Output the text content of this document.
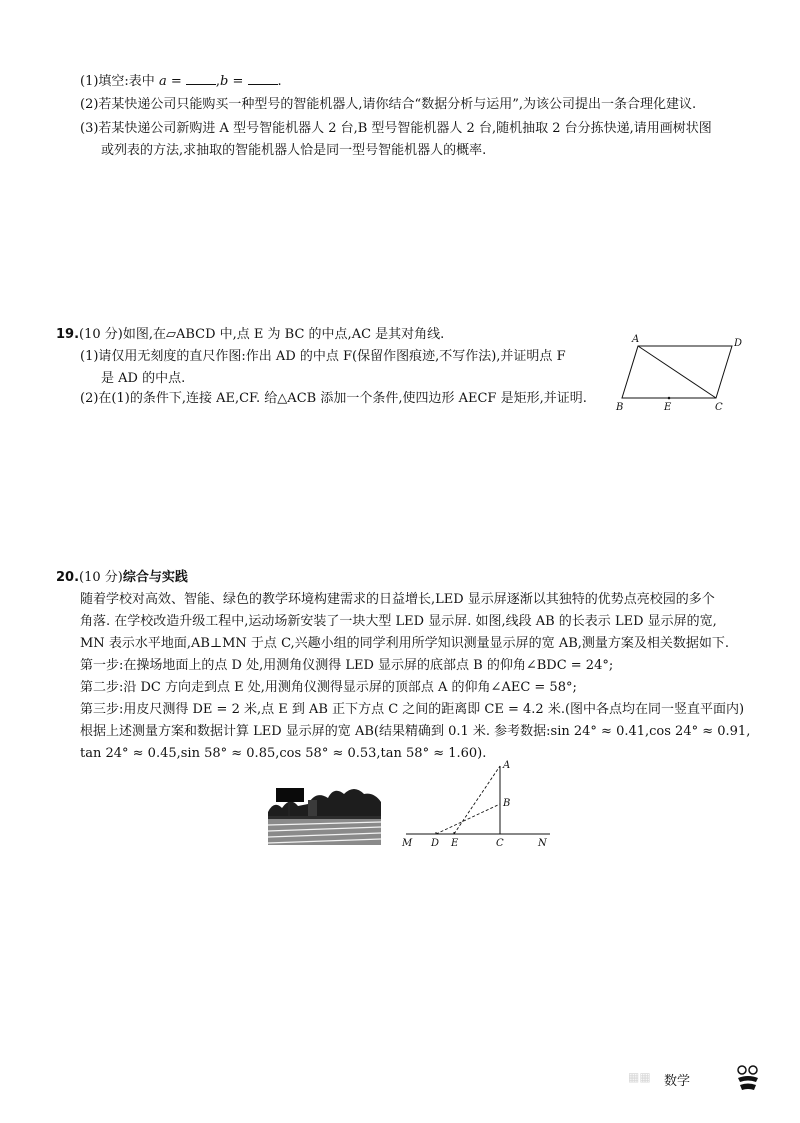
(1)填空:表中 a = ,b = .
(2)若某快递公司只能购买一种型号的智能机器人,请你结合“数据分析与运用”,为该公司提出一条合理化建议.
(3)若某快递公司新购进 A 型号智能机器人 2 台,B 型号智能机器人 2 台,随机抽取 2 台分拣快递,请用画树状图
或列表的方法,求抽取的智能机器人恰是同一型号智能机器人的概率.
19.(10 分)如图,在▱ABCD 中,点 E 为 BC 的中点,AC 是其对角线.
(1)请仅用无刻度的直尺作图:作出 AD 的中点 F(保留作图痕迹,不写作法),并证明点 F
是 AD 的中点.
(2)在(1)的条件下,连接 AE,CF. 给△ACB 添加一个条件,使四边形 AECF 是矩形,并证明.
A	D
B	E	C
20.(10 分)综合与实践
随着学校对高效、智能、绿色的教学环境构建需求的日益增长,LED 显示屏逐渐以其独特的优势点亮校园的多个
角落. 在学校改造升级工程中,运动场新安装了一块大型 LED 显示屏. 如图,线段 AB 的长表示 LED 显示屏的宽,
MN 表示水平地面,AB⊥MN 于点 C,兴趣小组的同学利用所学知识测量显示屏的宽 AB,测量方案及相关数据如下.
第一步:在操场地面上的点 D 处,用测角仪测得 LED 显示屏的底部点 B 的仰角∠BDC = 24°;
第二步:沿 DC 方向走到点 E 处,用测角仪测得显示屏的顶部点 A 的仰角∠AEC = 58°;
第三步:用皮尺测得 DE = 2 米,点 E 到 AB 正下方点 C 之间的距离即 CE = 4.2 米.(图中各点均在同一竖直平面内)
根据上述测量方案和数据计算 LED 显示屏的宽 AB(结果精确到 0.1 米. 参考数据:sin 24° ≈ 0.41,cos 24° ≈ 0.91,
tan 24° ≈ 0.45,sin 58° ≈ 0.85,cos 58° ≈ 0.53,tan 58° ≈ 1.60).
A
B
M D E	C	N
▦▦ 数学
